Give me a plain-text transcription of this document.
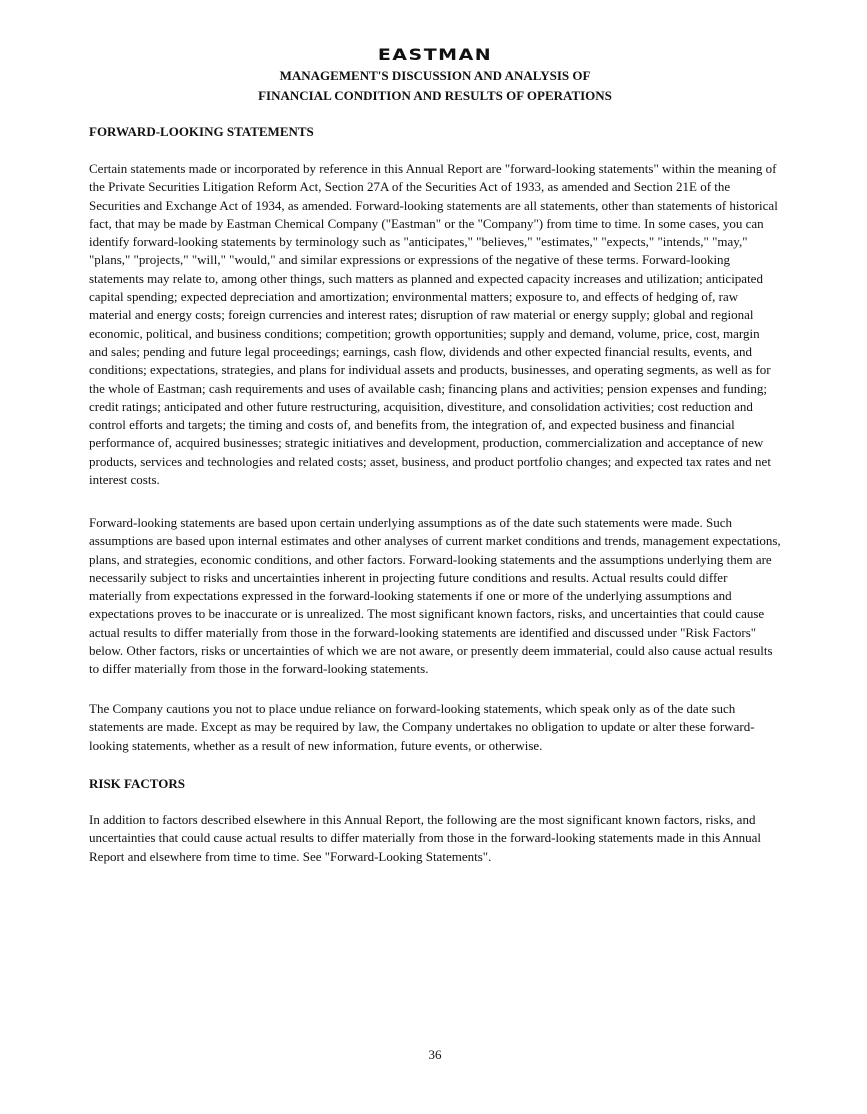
EASTMAN
MANAGEMENT'S DISCUSSION AND ANALYSIS OF
FINANCIAL CONDITION AND RESULTS OF OPERATIONS
FORWARD-LOOKING STATEMENTS
Certain statements made or incorporated by reference in this Annual Report are "forward-looking statements" within the meaning of the Private Securities Litigation Reform Act, Section 27A of the Securities Act of 1933, as amended and Section 21E of the Securities and Exchange Act of 1934, as amended. Forward-looking statements are all statements, other than statements of historical fact, that may be made by Eastman Chemical Company ("Eastman" or the "Company") from time to time. In some cases, you can identify forward-looking statements by terminology such as "anticipates," "believes," "estimates," "expects," "intends," "may," "plans," "projects," "will," "would," and similar expressions or expressions of the negative of these terms. Forward-looking statements may relate to, among other things, such matters as planned and expected capacity increases and utilization; anticipated capital spending; expected depreciation and amortization; environmental matters; exposure to, and effects of hedging of, raw material and energy costs; foreign currencies and interest rates; disruption of raw material or energy supply; global and regional economic, political, and business conditions; competition; growth opportunities; supply and demand, volume, price, cost, margin and sales; pending and future legal proceedings; earnings, cash flow, dividends and other expected financial results, events, and conditions; expectations, strategies, and plans for individual assets and products, businesses, and operating segments, as well as for the whole of Eastman; cash requirements and uses of available cash; financing plans and activities; pension expenses and funding; credit ratings; anticipated and other future restructuring, acquisition, divestiture, and consolidation activities; cost reduction and control efforts and targets; the timing and costs of, and benefits from, the integration of, and expected business and financial performance of, acquired businesses; strategic initiatives and development, production, commercialization and acceptance of new products, services and technologies and related costs; asset, business, and product portfolio changes; and expected tax rates and net interest costs.
Forward-looking statements are based upon certain underlying assumptions as of the date such statements were made. Such assumptions are based upon internal estimates and other analyses of current market conditions and trends, management expectations, plans, and strategies, economic conditions, and other factors. Forward-looking statements and the assumptions underlying them are necessarily subject to risks and uncertainties inherent in projecting future conditions and results. Actual results could differ materially from expectations expressed in the forward-looking statements if one or more of the underlying assumptions and expectations proves to be inaccurate or is unrealized. The most significant known factors, risks, and uncertainties that could cause actual results to differ materially from those in the forward-looking statements are identified and discussed under "Risk Factors" below. Other factors, risks or uncertainties of which we are not aware, or presently deem immaterial, could also cause actual results to differ materially from those in the forward-looking statements.
The Company cautions you not to place undue reliance on forward-looking statements, which speak only as of the date such statements are made. Except as may be required by law, the Company undertakes no obligation to update or alter these forward-looking statements, whether as a result of new information, future events, or otherwise.
RISK FACTORS
In addition to factors described elsewhere in this Annual Report, the following are the most significant known factors, risks, and uncertainties that could cause actual results to differ materially from those in the forward-looking statements made in this Annual Report and elsewhere from time to time. See "Forward-Looking Statements".
36
